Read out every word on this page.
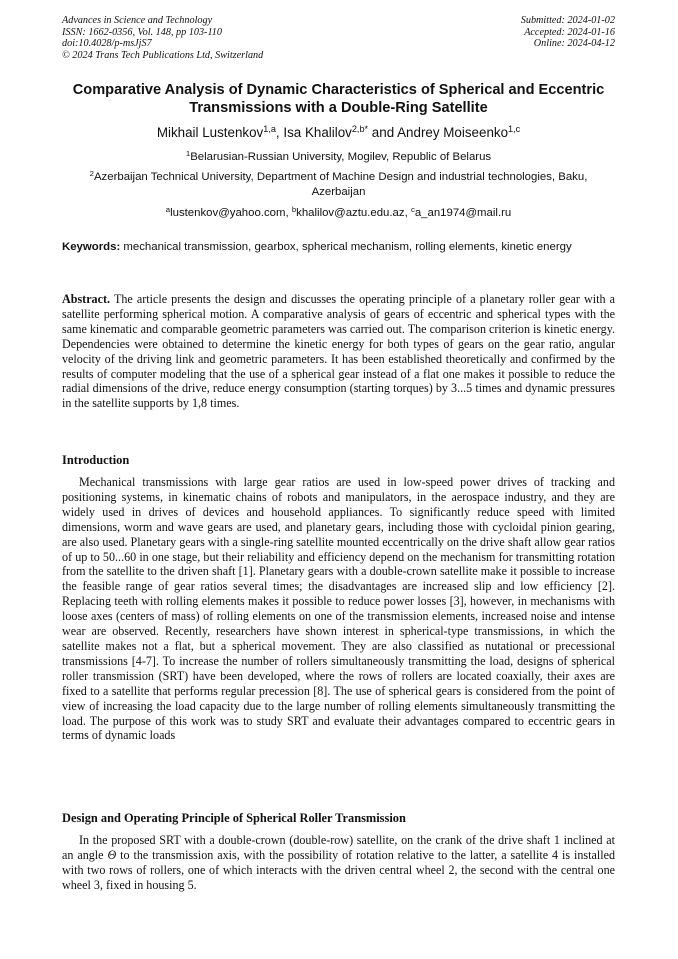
Advances in Science and Technology
ISSN: 1662-0356, Vol. 148, pp 103-110
doi:10.4028/p-msJjS7
© 2024 Trans Tech Publications Ltd, Switzerland
Submitted: 2024-01-02
Accepted: 2024-01-16
Online: 2024-04-12
Comparative Analysis of Dynamic Characteristics of Spherical and Eccentric Transmissions with a Double-Ring Satellite
Mikhail Lustenkov$^{1,a}$, Isa Khalilov$^{2,b*}$ and Andrey Moiseenko$^{1,c}$
$^1$Belarusian-Russian University, Mogilev, Republic of Belarus
$^2$Azerbaijan Technical University, Department of Machine Design and industrial technologies, Baku, Azerbaijan
$^a$lustenkov@yahoo.com, $^b$khalilov@aztu.edu.az, $^c$a_an1974@mail.ru
Keywords: mechanical transmission, gearbox, spherical mechanism, rolling elements, kinetic energy
Abstract. The article presents the design and discusses the operating principle of a planetary roller gear with a satellite performing spherical motion. A comparative analysis of gears of eccentric and spherical types with the same kinematic and comparable geometric parameters was carried out. The comparison criterion is kinetic energy. Dependencies were obtained to determine the kinetic energy for both types of gears on the gear ratio, angular velocity of the driving link and geometric parameters. It has been established theoretically and confirmed by the results of computer modeling that the use of a spherical gear instead of a flat one makes it possible to reduce the radial dimensions of the drive, reduce energy consumption (starting torques) by 3...5 times and dynamic pressures in the satellite supports by 1,8 times.
Introduction
Mechanical transmissions with large gear ratios are used in low-speed power drives of tracking and positioning systems, in kinematic chains of robots and manipulators, in the aerospace industry, and they are widely used in drives of devices and household appliances. To significantly reduce speed with limited dimensions, worm and wave gears are used, and planetary gears, including those with cycloidal pinion gearing, are also used. Planetary gears with a single-ring satellite mounted eccentrically on the drive shaft allow gear ratios of up to 50...60 in one stage, but their reliability and efficiency depend on the mechanism for transmitting rotation from the satellite to the driven shaft [1]. Planetary gears with a double-crown satellite make it possible to increase the feasible range of gear ratios several times; the disadvantages are increased slip and low efficiency [2]. Replacing teeth with rolling elements makes it possible to reduce power losses [3], however, in mechanisms with loose axes (centers of mass) of rolling elements on one of the transmission elements, increased noise and intense wear are observed. Recently, researchers have shown interest in spherical-type transmissions, in which the satellite makes not a flat, but a spherical movement. They are also classified as nutational or precessional transmissions [4-7]. To increase the number of rollers simultaneously transmitting the load, designs of spherical roller transmission (SRT) have been developed, where the rows of rollers are located coaxially, their axes are fixed to a satellite that performs regular precession [8]. The use of spherical gears is considered from the point of view of increasing the load capacity due to the large number of rolling elements simultaneously transmitting the load. The purpose of this work was to study SRT and evaluate their advantages compared to eccentric gears in terms of dynamic loads
Design and Operating Principle of Spherical Roller Transmission
In the proposed SRT with a double-crown (double-row) satellite, on the crank of the drive shaft 1 inclined at an angle Θ to the transmission axis, with the possibility of rotation relative to the latter, a satellite 4 is installed with two rows of rollers, one of which interacts with the driven central wheel 2, the second with the central one wheel 3, fixed in housing 5.
